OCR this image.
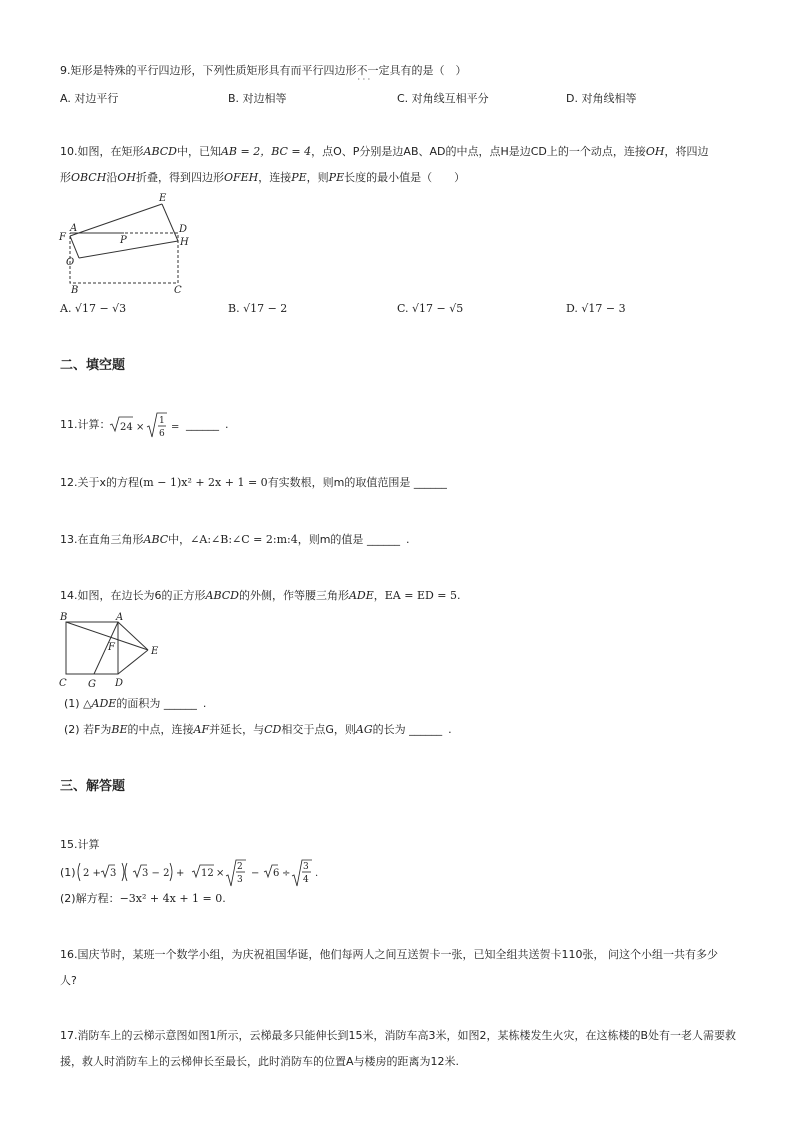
9.矩形是特殊的平行四边形，下列性质矩形具有而平行四边形不一定 · · ·具有的是（　）
A. 对边平行	B. 对边相等	C. 对角线互相平分	D. 对角线相等
10.如图，在矩形ABCD中，已知AB = 2，BC = 4，点O、P分别是边AB、AD的中点，点H是边CD上的一个动点，连接OH，将四边
形OBCH沿OH折叠，得到四边形OFEH，连接PE，则PE长度的最小值是（　　）
E
A	D
F	P	H
O
B	C
A. √17 − √3	B. √17 − 2	C. √17 − √5	D. √17 − 3
二、填空题
11.计算： 24 ×
1
6
= ______ .
12.关于x的方程(m − 1)x² + 2x + 1 = 0有实数根，则m的取值范围是 ______
13.在直角三角形ABC中，∠A:∠B:∠C = 2:m:4，则m的值是 ______ .
14.如图，在边长为6的正方形ABCD的外侧，作等腰三角形ADE，EA = ED = 5.
B	A
F	E
C G D
(1) △ADE的面积为 ______ .
(2) 若F为BE的中点，连接AF并延长，与CD相交于点G，则AG的长为 ______ .
三、解答题
15.计算
(1) 2 + 3	3 − 2 + 12 ×
2
3
− 6 ÷
3
4
.
(2)解方程：−3x² + 4x + 1 = 0.
16.国庆节时，某班一个数学小组，为庆祝祖国华诞，他们每两人之间互送贺卡一张，已知全组共送贺卡110张， 问这个小组一共有多少
人?
17.消防车上的云梯示意图如图1所示，云梯最多只能伸长到15米，消防车高3米，如图2，某栋楼发生火灾，在这栋楼的B处有一老人需要救
援，救人时消防车上的云梯伸长至最长，此时消防车的位置A与楼房的距离为12米.
